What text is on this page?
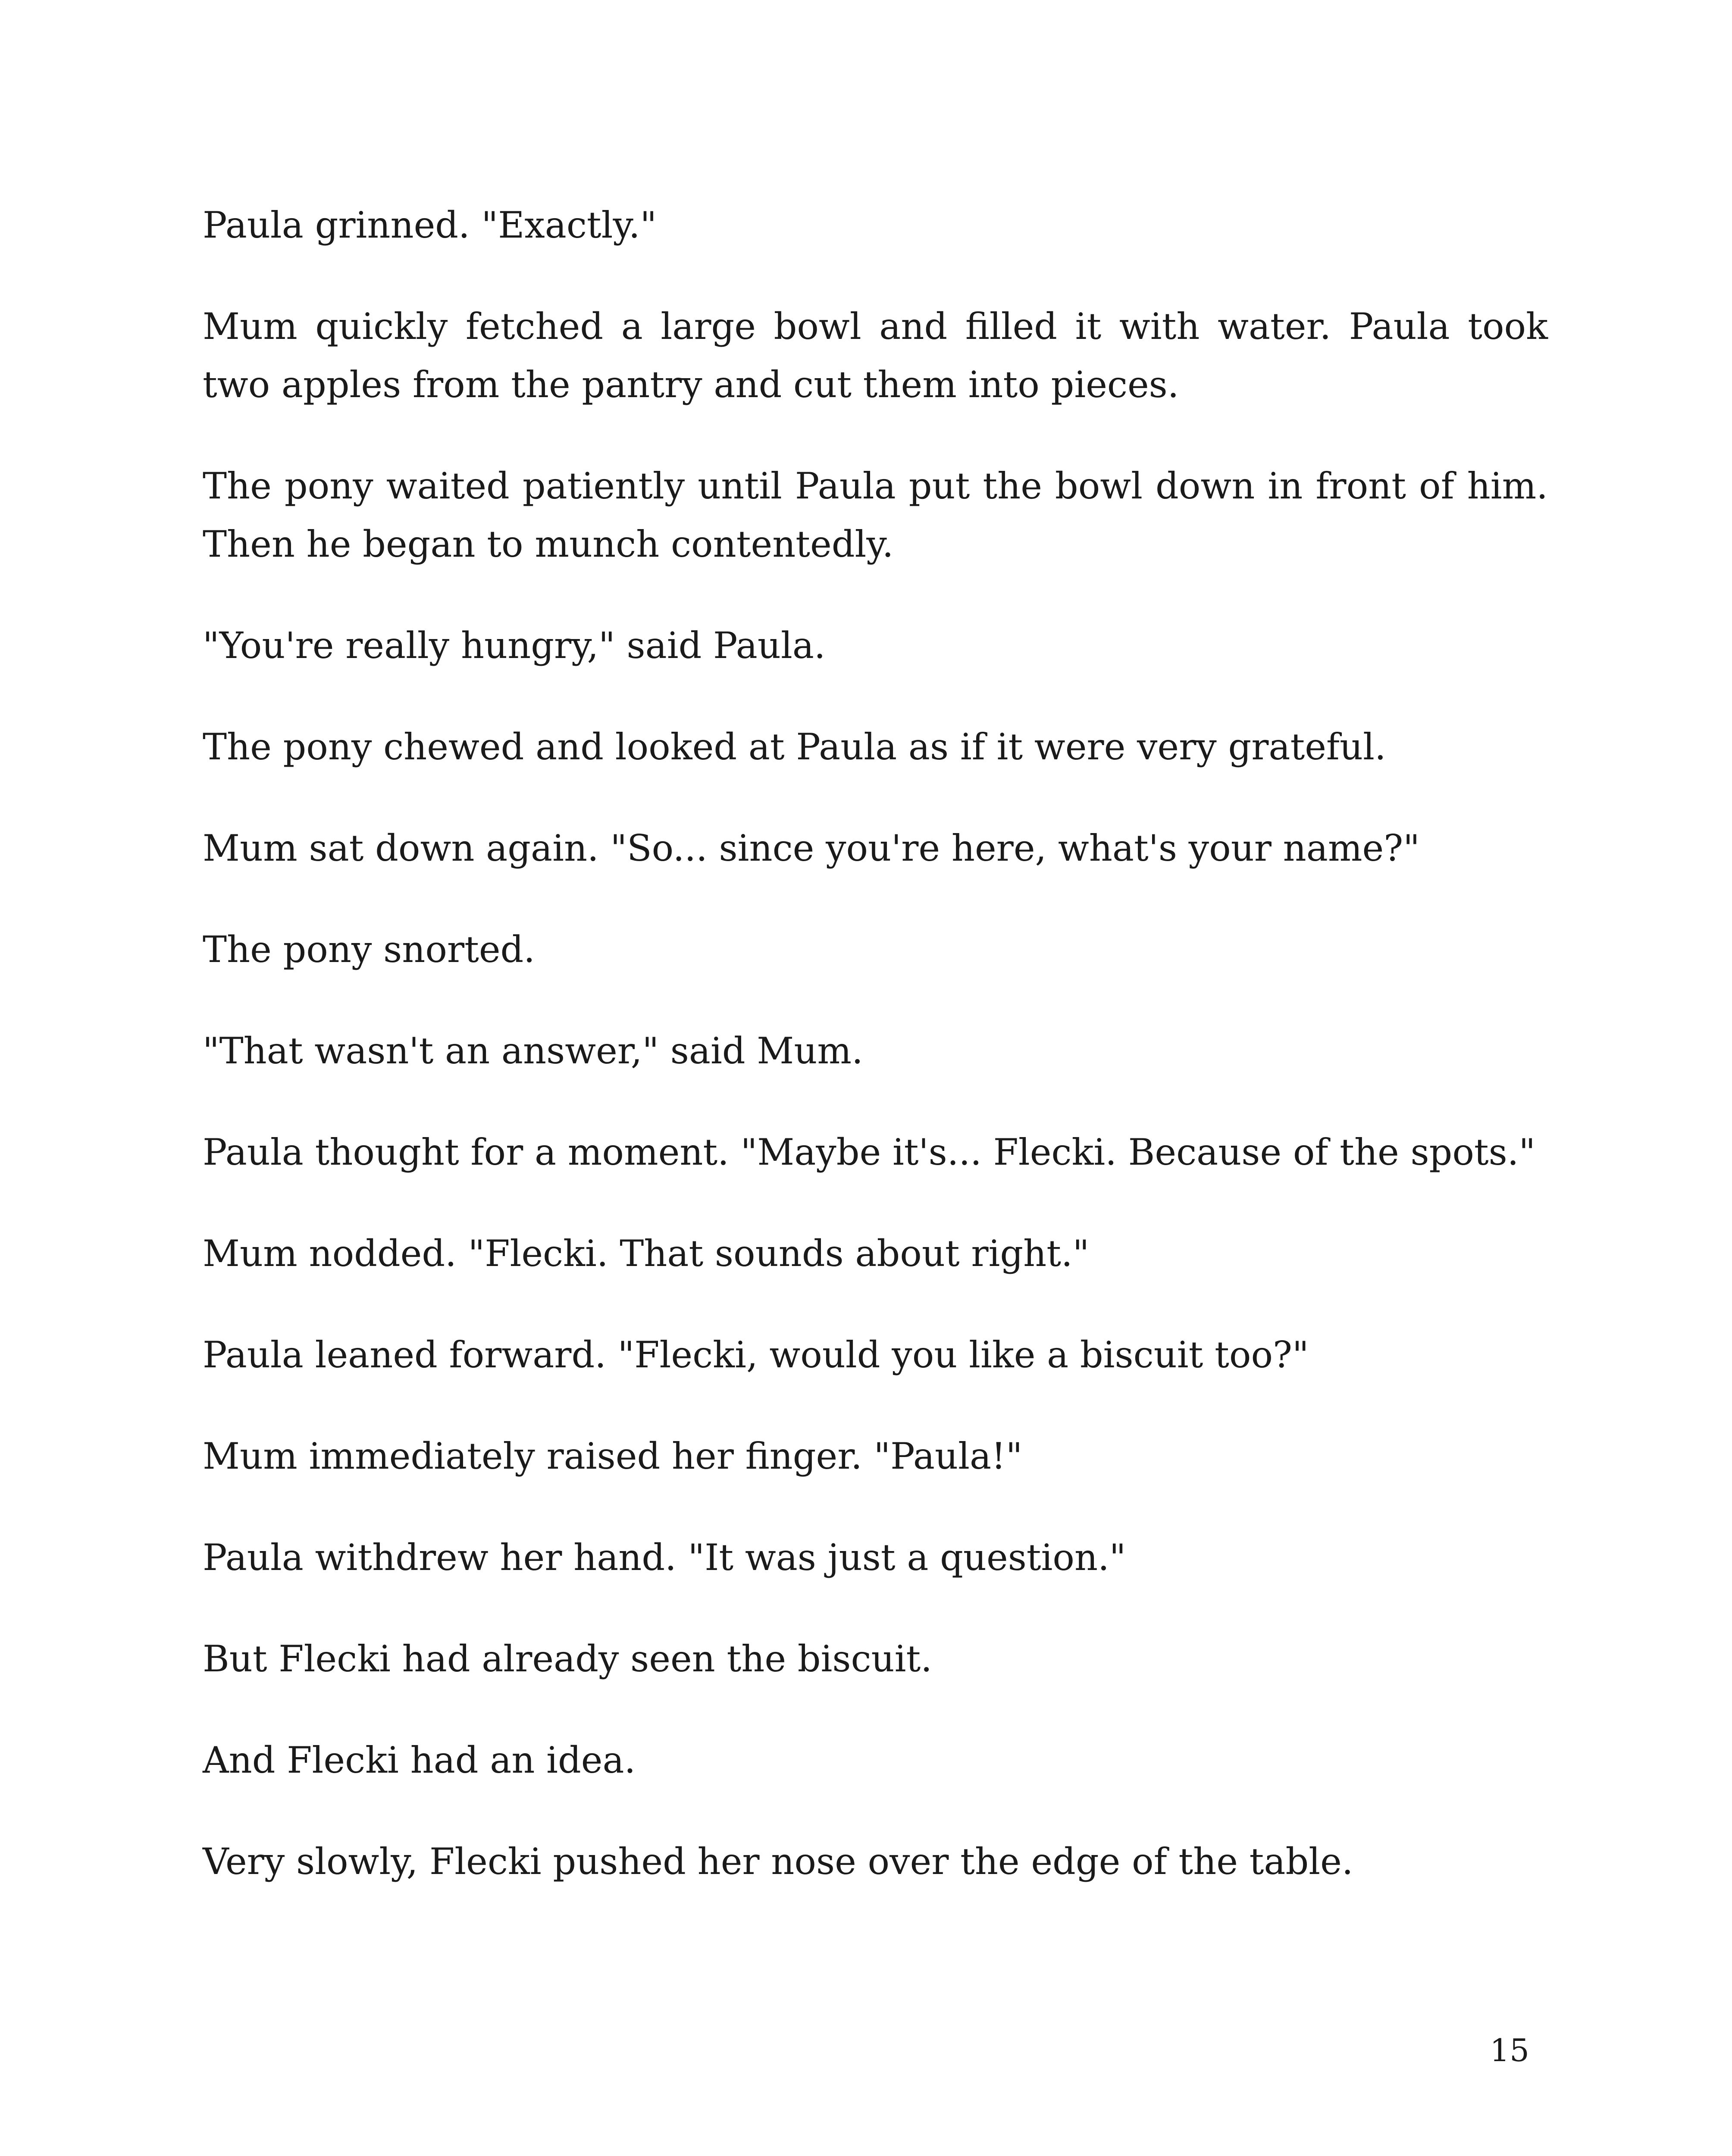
Paula grinned. "Exactly."

Mum quickly fetched a large bowl and filled it with water. Paula took two apples from the pantry and cut them into pieces.

The pony waited patiently until Paula put the bowl down in front of him. Then he began to munch contentedly.

"You're really hungry," said Paula.

The pony chewed and looked at Paula as if it were very grateful.

Mum sat down again. "So... since you're here, what's your name?"

The pony snorted.

"That wasn't an answer," said Mum.

Paula thought for a moment. "Maybe it's... Flecki. Because of the spots."

Mum nodded. "Flecki. That sounds about right."

Paula leaned forward. "Flecki, would you like a biscuit too?"

Mum immediately raised her finger. "Paula!"

Paula withdrew her hand. "It was just a question."

But Flecki had already seen the biscuit.

And Flecki had an idea.

Very slowly, Flecki pushed her nose over the edge of the table.

15
